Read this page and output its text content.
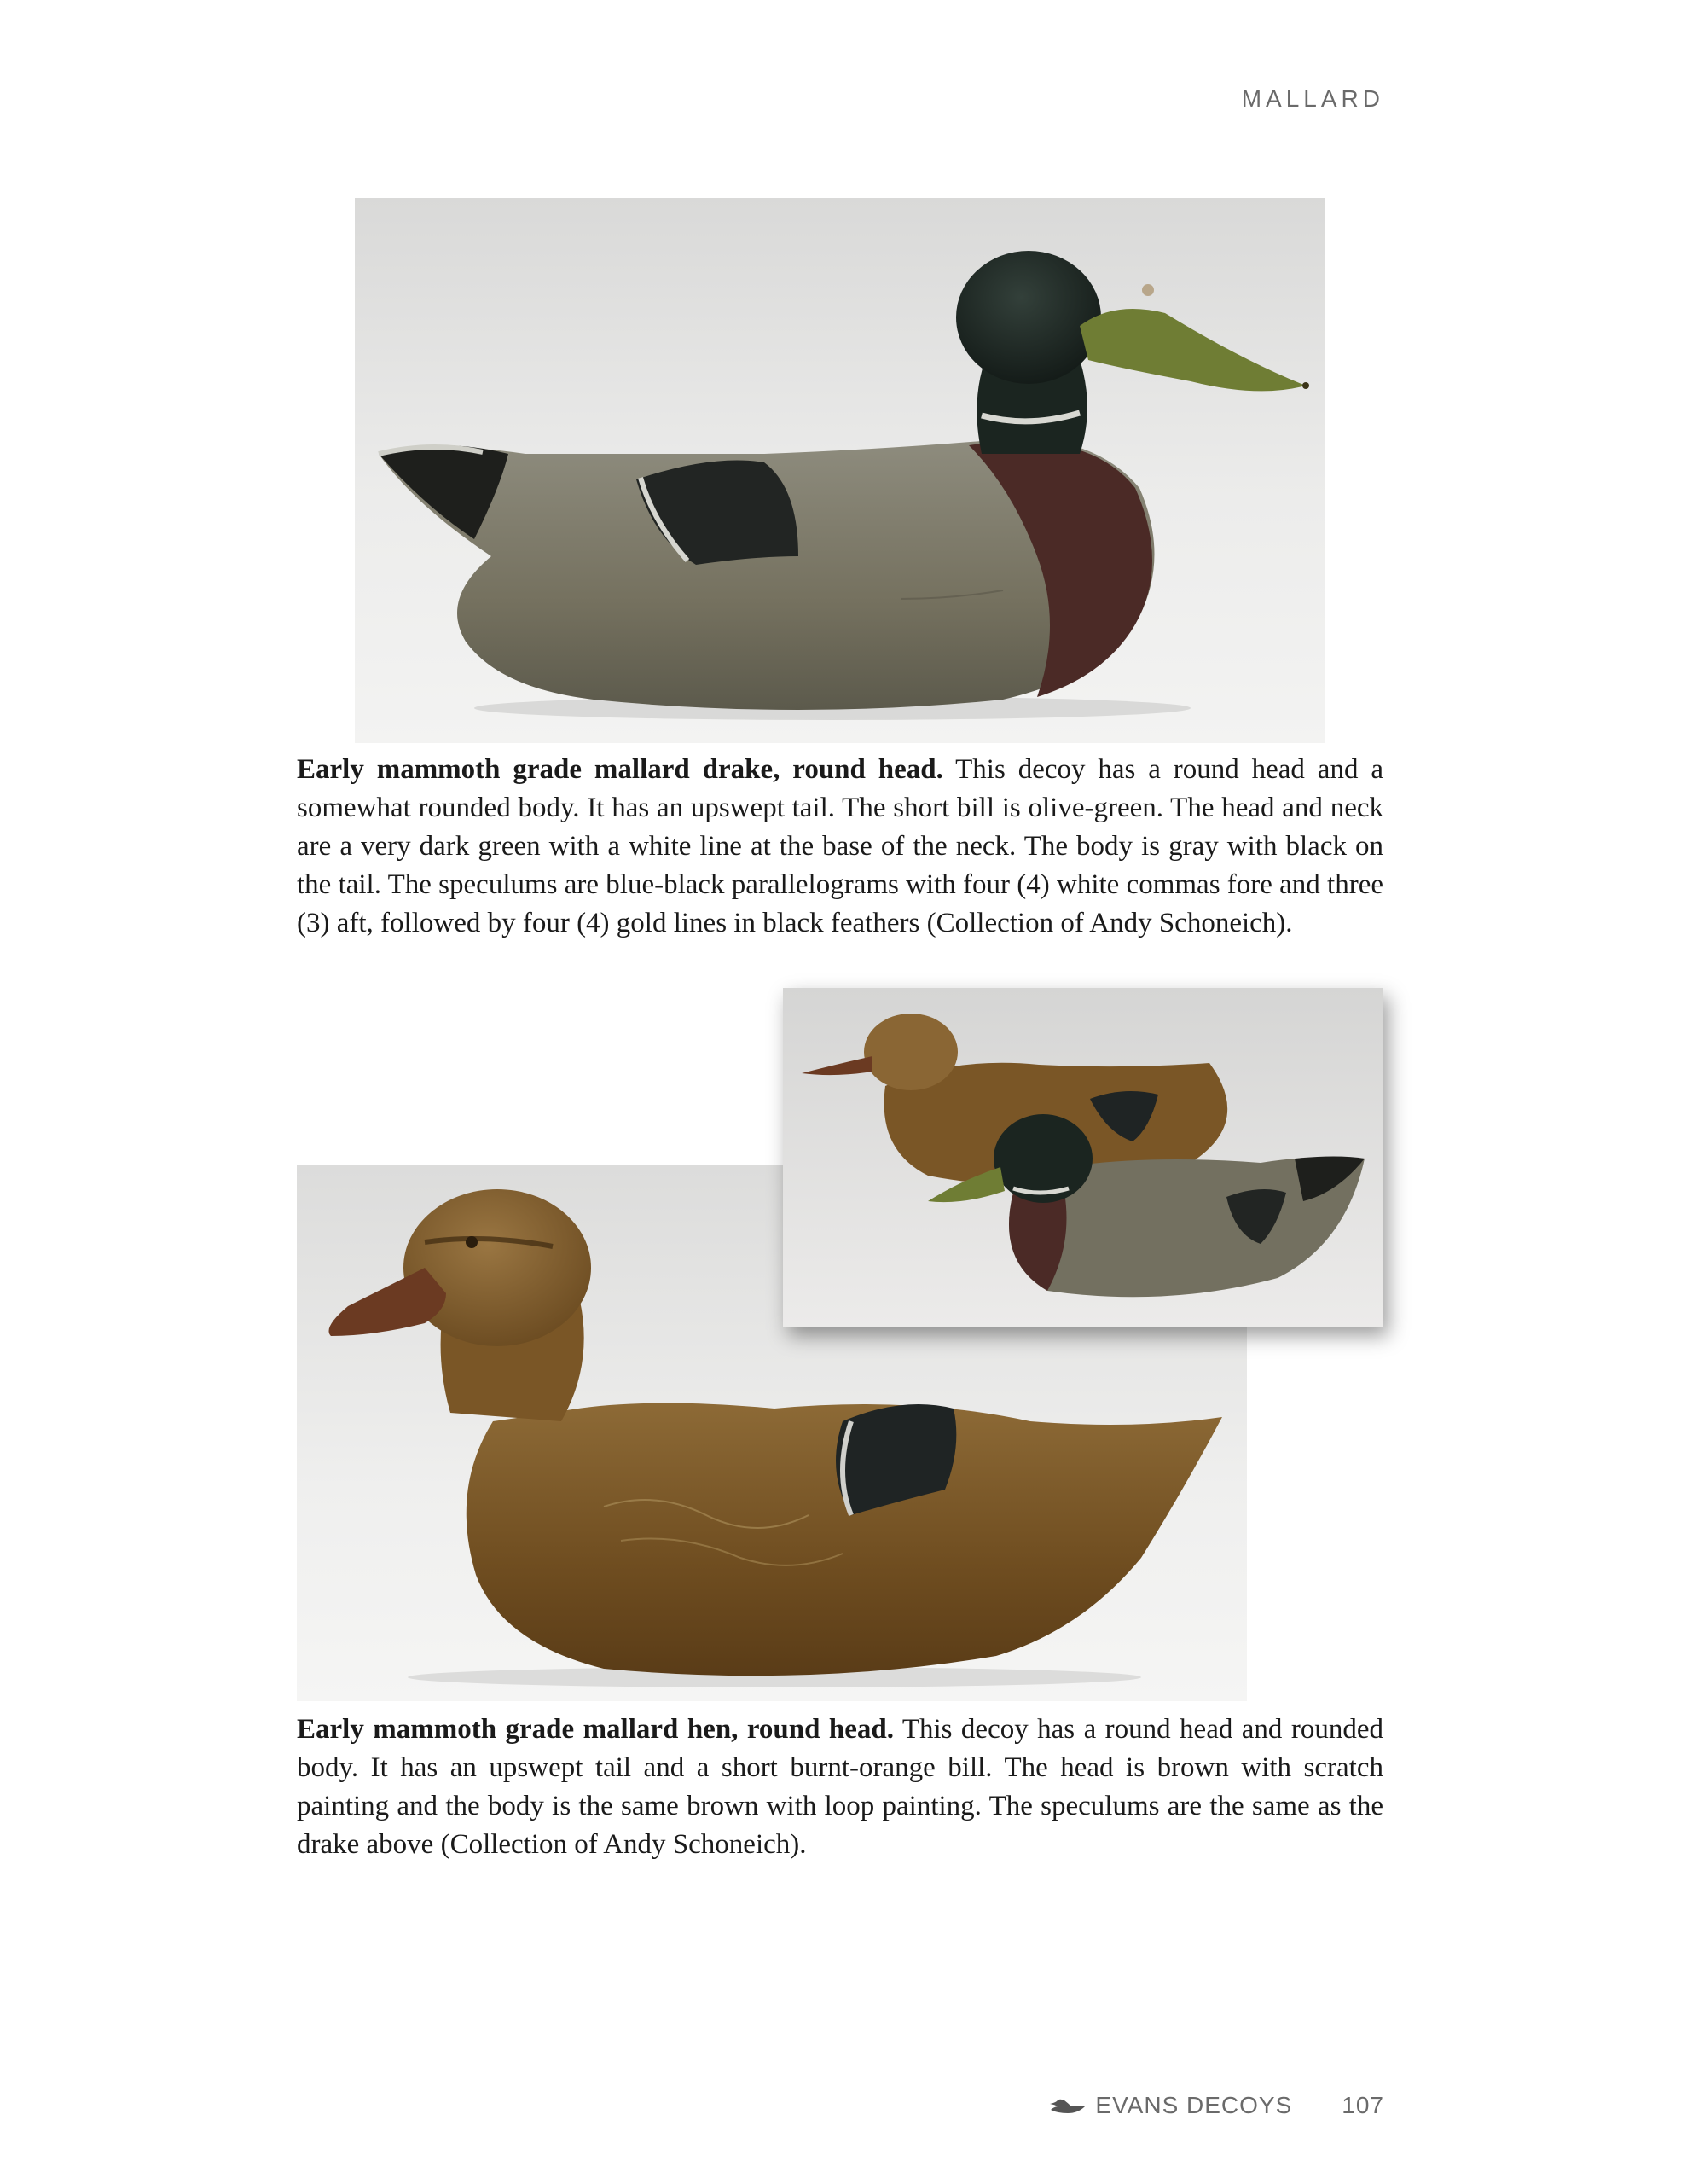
MALLARD

Early mammoth grade mallard drake, round head. This decoy has a round head and a somewhat rounded body. It has an upswept tail. The short bill is olive-green. The head and neck are a very dark green with a white line at the base of the neck. The body is gray with black on the tail. The speculums are blue-black parallelograms with four (4) white commas fore and three (3) aft, followed by four (4) gold lines in black feathers (Collection of Andy Schoneich).

Early mammoth grade mallard hen, round head. This decoy has a round head and rounded body. It has an upswept tail and a short burnt-orange bill. The head is brown with scratch painting and the body is the same brown with loop painting. The speculums are the same as the drake above (Collection of Andy Schoneich).

EVANS DECOYS 107
